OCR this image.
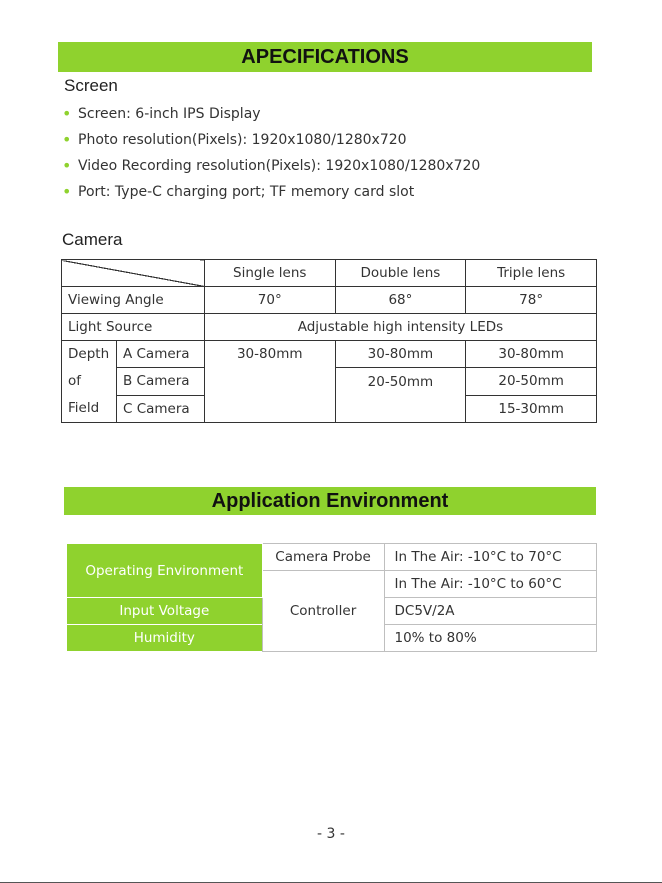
APECIFICATIONS
Screen
• Screen: 6-inch IPS Display
• Photo resolution(Pixels): 1920x1080/1280x720
• Video Recording resolution(Pixels): 1920x1080/1280x720
• Port: Type-C charging port; TF memory card slot
Camera
		Single lens	Double lens	Triple lens
Viewing Angle		70°	68°	78°
Light Source		Adjustable high intensity LEDs		

Depth
of
Field	A Camera	30-80mm	30-80mm	30-80mm
	B Camera		20-50mm	20-50mm
	C Camera			15-30mm
Application Environment
Operating Environment	Camera Probe	In The Air: -10°C to 70°C
	Controller	In The Air: -10°C to 60°C
Input Voltage		DC5V/2A
Humidity		10% to 80%
- 3 -
